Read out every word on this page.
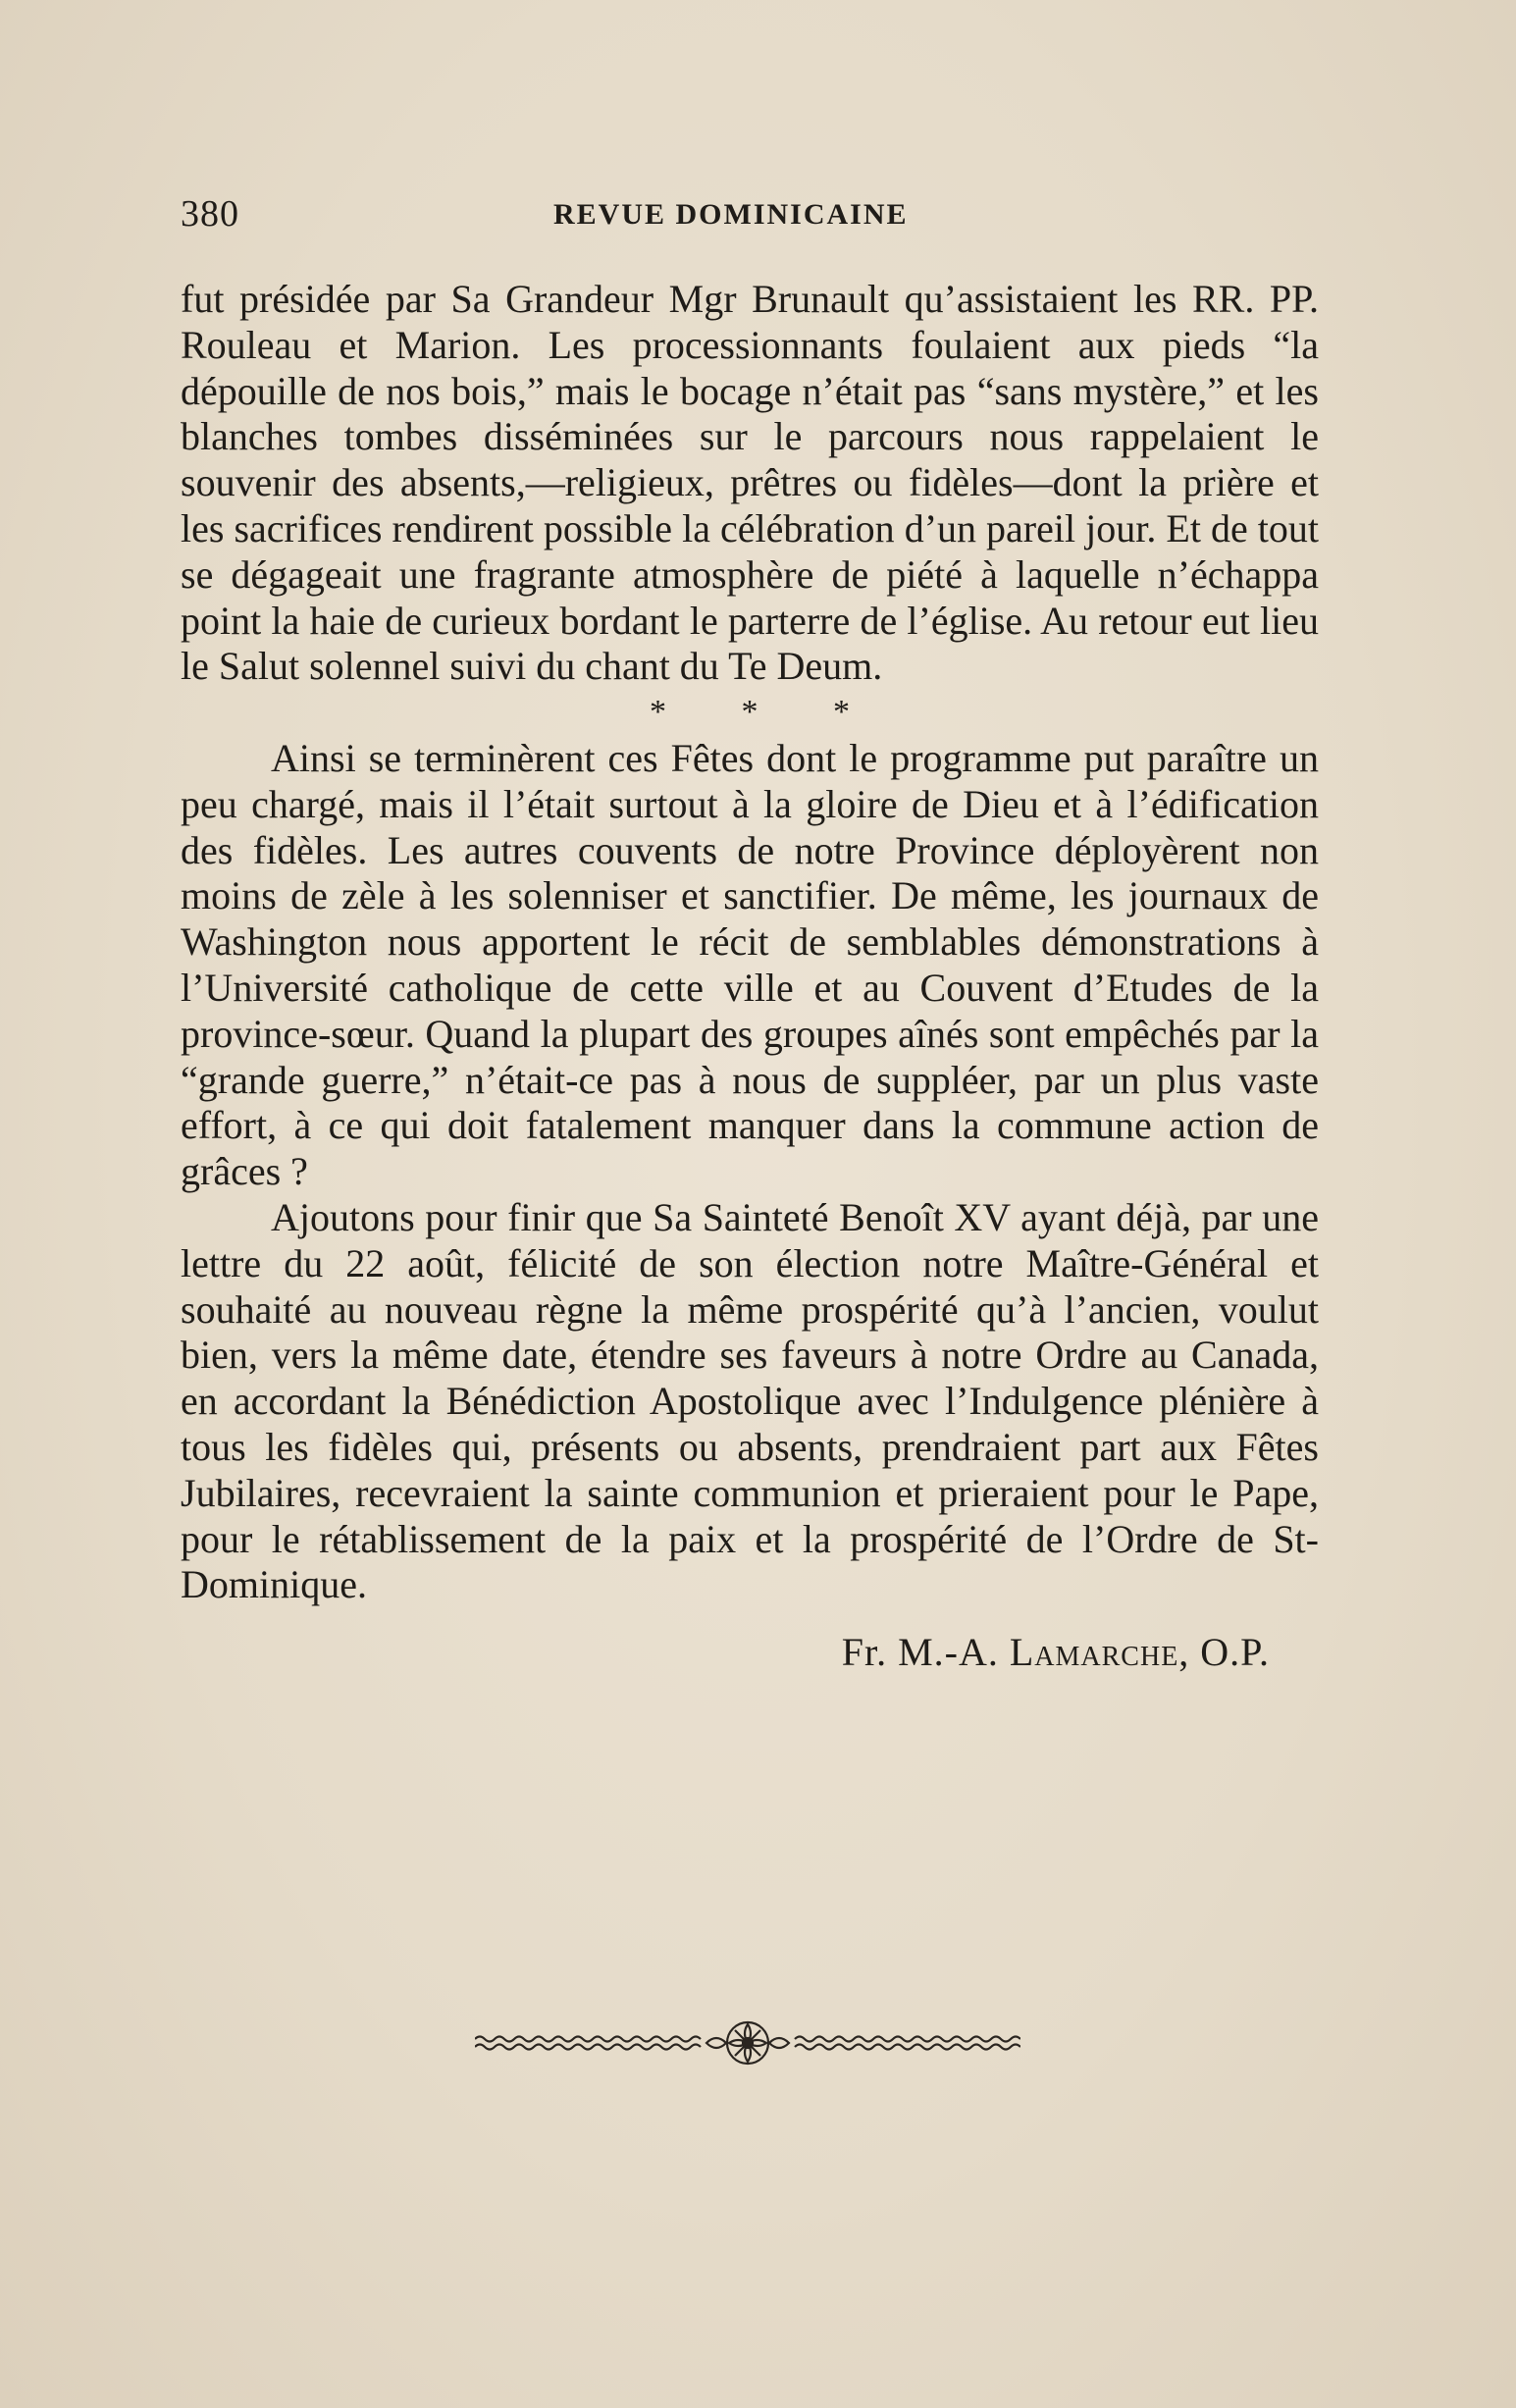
380	REVUE DOMINICAINE

fut présidée par Sa Grandeur Mgr Brunault qu’assistaient les RR. PP. Rouleau et Marion. Les processionnants foulaient aux pieds “la dépouille de nos bois,” mais le bocage n’était pas “sans mystère,” et les blanches tombes disséminées sur le parcours nous rappelaient le souvenir des absents,—religieux, prêtres ou fidèles—dont la prière et les sacrifices rendirent possible la célébration d’un pareil jour. Et de tout se dégageait une fragrante atmosphère de piété à laquelle n’échappa point la haie de curieux bordant le parterre de l’église. Au retour eut lieu le Salut solennel suivi du chant du Te Deum.

* * *

Ainsi se terminèrent ces Fêtes dont le programme put paraître un peu chargé, mais il l’était surtout à la gloire de Dieu et à l’édification des fidèles. Les autres couvents de notre Province déployèrent non moins de zèle à les solenniser et sanctifier. De même, les journaux de Washington nous apportent le récit de semblables démonstrations à l’Université catholique de cette ville et au Couvent d’Etudes de la province-sœur. Quand la plupart des groupes aînés sont empêchés par la “grande guerre,” n’était-ce pas à nous de suppléer, par un plus vaste effort, à ce qui doit fatalement manquer dans la commune action de grâces ?

Ajoutons pour finir que Sa Sainteté Benoît XV ayant déjà, par une lettre du 22 août, félicité de son élection notre Maître-Général et souhaité au nouveau règne la même prospérité qu’à l’ancien, voulut bien, vers la même date, étendre ses faveurs à notre Ordre au Canada, en accordant la Bénédiction Apostolique avec l’Indulgence plénière à tous les fidèles qui, présents ou absents, prendraient part aux Fêtes Jubilaires, recevraient la sainte communion et prieraient pour le Pape, pour le rétablissement de la paix et la prospérité de l’Ordre de St-Dominique.

Fr. M.-A. Lamarche, O.P.
